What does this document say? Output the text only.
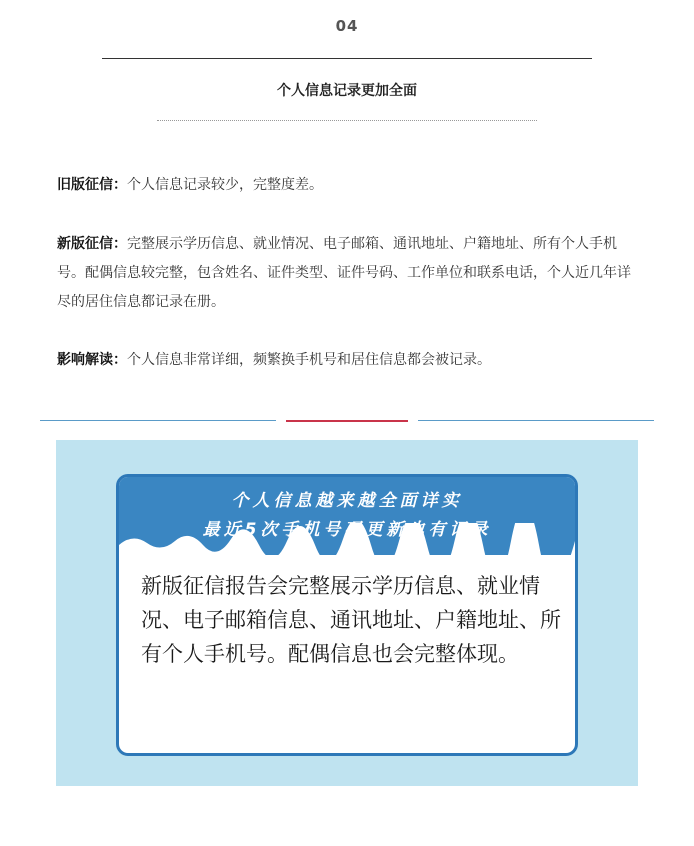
04
个人信息记录更加全面

旧版征信：个人信息记录较少，完整度差。

新版征信：完整展示学历信息、就业情况、电子邮箱、通讯地址、户籍地址、所有个人手机号。配偶信息较完整，包含姓名、证件类型、证件号码、工作单位和联系电话，个人近几年详尽的居住信息都记录在册。

影响解读：个人信息非常详细，频繁换手机号和居住信息都会被记录。

个人信息越来越全面详实
最近5次手机号码更新也有记录

新版征信报告会完整展示学历信息、就业情况、电子邮箱信息、通讯地址、户籍地址、所有个人手机号。配偶信息也会完整体现。
